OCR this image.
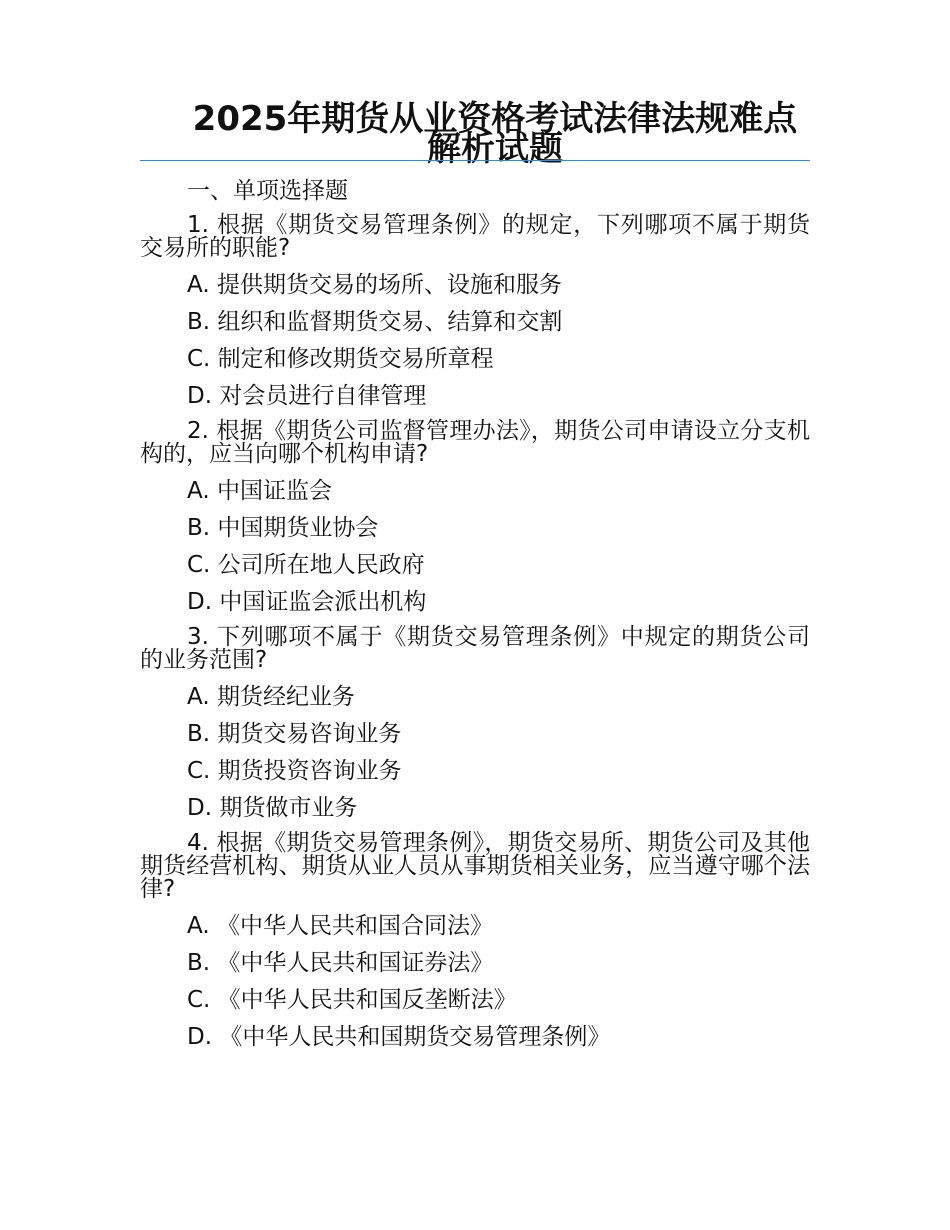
2025年期货从业资格考试法律法规难点解析试题
一、单项选择题

1. 根据《期货交易管理条例》的规定，下列哪项不属于期货交易所的职能?

A. 提供期货交易的场所、设施和服务
B. 组织和监督期货交易、结算和交割
C. 制定和修改期货交易所章程
D. 对会员进行自律管理

2. 根据《期货公司监督管理办法》，期货公司申请设立分支机构的，应当向哪个机构申请?

A. 中国证监会
B. 中国期货业协会
C. 公司所在地人民政府
D. 中国证监会派出机构

3. 下列哪项不属于《期货交易管理条例》中规定的期货公司的业务范围?

A. 期货经纪业务
B. 期货交易咨询业务
C. 期货投资咨询业务
D. 期货做市业务

4. 根据《期货交易管理条例》，期货交易所、期货公司及其他期货经营机构、期货从业人员从事期货相关业务，应当遵守哪个法律?

A. 《中华人民共和国合同法》
B. 《中华人民共和国证券法》
C. 《中华人民共和国反垄断法》
D. 《中华人民共和国期货交易管理条例》
